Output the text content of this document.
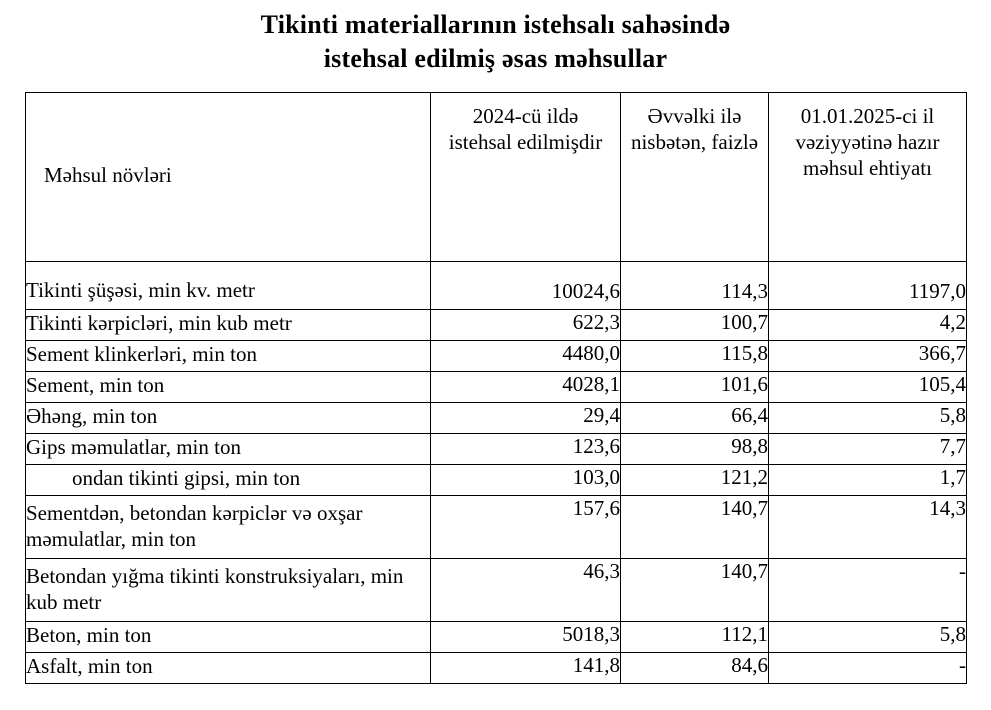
Tikinti materiallarının istehsalı sahəsində
istehsal edilmiş əsas məhsullar
Məhsul növləri	2024-cü ildə istehsal edilmişdir	Əvvəlki ilə nisbətən, faizlə	01.01.2025-ci il vəziyyətinə hazır məhsul ehtiyatı

Tikinti şüşəsi, min kv. metr	10024,6	114,3	1197,0
Tikinti kərpicləri, min kub metr	622,3	100,7	4,2
Sement klinkerləri, min ton	4480,0	115,8	366,7
Sement, min ton	4028,1	101,6	105,4
Əhəng, min ton	29,4	66,4	5,8
Gips məmulatlar, min ton	123,6	98,8	7,7
ondan tikinti gipsi, min ton	103,0	121,2	1,7
Sementdən, betondan kərpiclər və oxşar məmulatlar, min ton	157,6	140,7	14,3
Betondan yığma tikinti konstruksiyaları, min kub metr	46,3	140,7	-
Beton, min ton	5018,3	112,1	5,8
Asfalt, min ton	141,8	84,6	-
